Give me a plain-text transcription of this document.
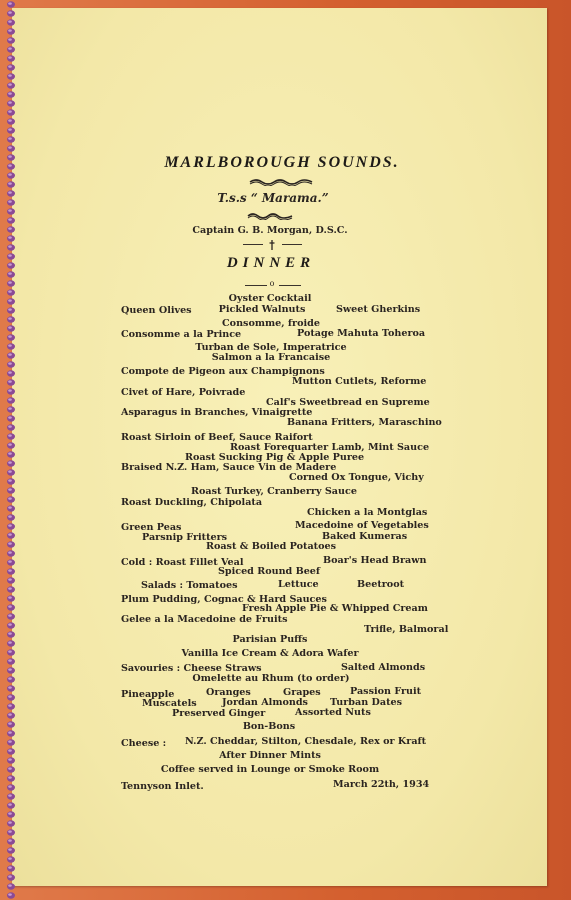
MARLBOROUGH SOUNDS.
T.s.s “ Marama.”
Captain G. B. Morgan, D.S.C.
DINNER
o
Oyster Cocktail
Queen Olives	Pickled Walnuts	Sweet Gherkins
Consomme, froide
Consomme a la Prince	Potage Mahuta Toheroa
Turban de Sole, Imperatrice
Salmon a la Francaise
Compote de Pigeon aux Champignons
Mutton Cutlets, Reforme
Civet of Hare, Poivrade
Calf's Sweetbread en Supreme
Asparagus in Branches, Vinaigrette
Banana Fritters, Maraschino
Roast Sirloin of Beef, Sauce Raifort
Roast Forequarter Lamb, Mint Sauce
Roast Sucking Pig & Apple Puree
Braised N.Z. Ham, Sauce Vin de Madere
Corned Ox Tongue, Vichy
Roast Turkey, Cranberry Sauce
Roast Duckling, Chipolata
Chicken a la Montglas
Green Peas	Macedoine of Vegetables
Parsnip Fritters	Baked Kumeras
Roast & Boiled Potatoes
Cold : Roast Fillet Veal	Boar's Head Brawn
Spiced Round Beef
Salads : Tomatoes	Lettuce	Beetroot
Plum Pudding, Cognac & Hard Sauces
Fresh Apple Pie & Whipped Cream
Gelee a la Macedoine de Fruits
Trifle, Balmoral
Parisian Puffs
Vanilla Ice Cream & Adora Wafer
Savouries : Cheese Straws	Salted Almonds
Omelette au Rhum (to order)
Pineapple	Oranges	Grapes	Passion Fruit
Muscatels	Jordan Almonds Turban Dates
Preserved Ginger	Assorted Nuts
Bon-Bons
Cheese : N.Z. Cheddar, Stilton, Chesdale, Rex or Kraft
After Dinner Mints
Coffee served in Lounge or Smoke Room
Tennyson Inlet.	March 22th, 1934
